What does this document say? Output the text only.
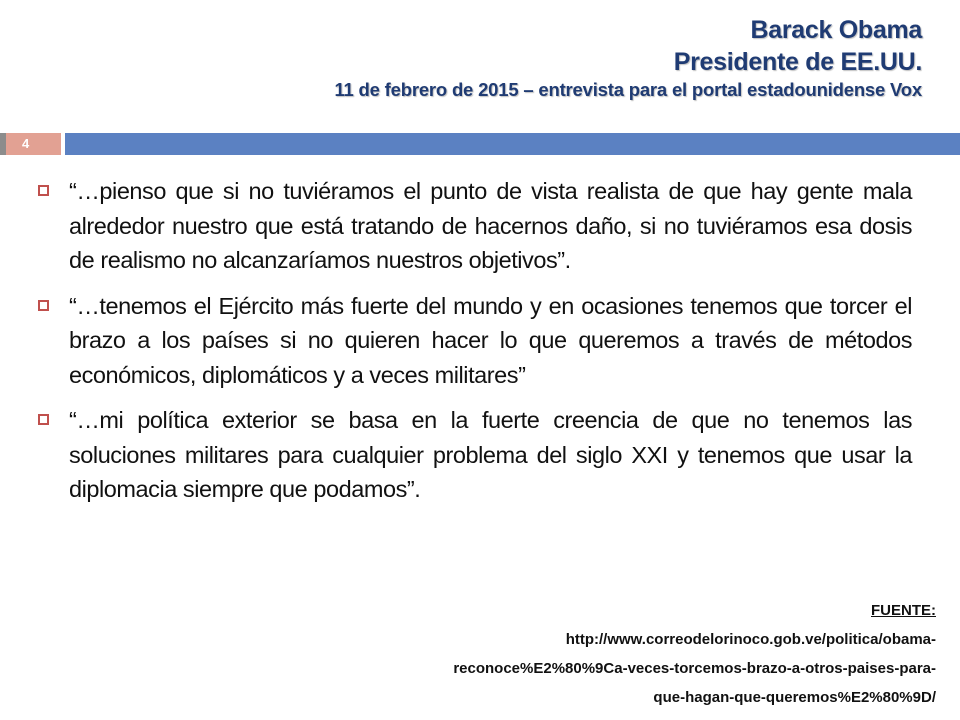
Barack Obama
Presidente de EE.UU.
11 de febrero de 2015 – entrevista para el portal estadounidense Vox
4
“…pienso que si no tuviéramos el punto de vista realista de que hay gente mala alrededor nuestro que está tratando de hacernos daño, si no tuviéramos esa dosis de realismo no alcanzaríamos nuestros objetivos”.
“…tenemos el Ejército más fuerte del mundo y en ocasiones tenemos que torcer el brazo a los países si no quieren hacer lo que queremos a través de métodos económicos, diplomáticos y a veces militares”
“…mi política exterior se basa en la fuerte creencia de que no tenemos las soluciones militares para cualquier problema del siglo XXI y tenemos que usar la diplomacia siempre que podamos”.
FUENTE:
http://www.correodelorinoco.gob.ve/politica/obama-
reconoce%E2%80%9Ca-veces-torcemos-brazo-a-otros-paises-para-
que-hagan-que-queremos%E2%80%9D/
